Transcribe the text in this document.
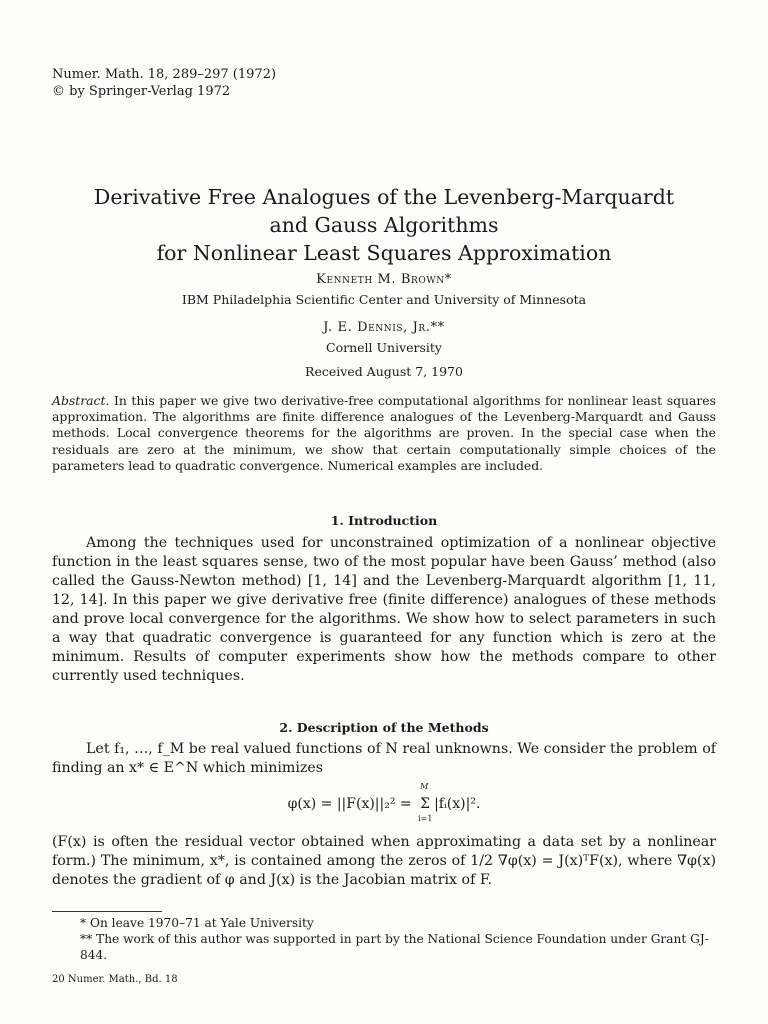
Numer. Math. 18, 289–297 (1972)
© by Springer-Verlag 1972
Derivative Free Analogues of the Levenberg-Marquardt
and Gauss Algorithms
for Nonlinear Least Squares Approximation
Kenneth M. Brown*
IBM Philadelphia Scientific Center and University of Minnesota
J. E. Dennis, Jr.**
Cornell University
Received August 7, 1970
Abstract. In this paper we give two derivative-free computational algorithms for nonlinear least squares approximation. The algorithms are finite difference analogues of the Levenberg-Marquardt and Gauss methods. Local convergence theorems for the algorithms are proven. In the special case when the residuals are zero at the minimum, we show that certain computationally simple choices of the parameters lead to quadratic convergence. Numerical examples are included.
1. Introduction

Among the techniques used for unconstrained optimization of a nonlinear objective function in the least squares sense, two of the most popular have been Gauss’ method (also called the Gauss-Newton method) [1, 14] and the Levenberg-Marquardt algorithm [1, 11, 12, 14]. In this paper we give derivative free (finite difference) analogues of these methods and prove local convergence for the algorithms. We show how to select parameters in such a way that quadratic convergence is guaranteed for any function which is zero at the minimum. Results of computer experiments show how the methods compare to other currently used techniques.

2. Description of the Methods

Let f₁, …, f_M be real valued functions of N real unknowns. We consider the problem of finding an x* ∈ E^N which minimizes

φ(x) = ||F(x)||₂² =
M
Σ
i=1
|fᵢ(x)|².
(F(x) is often the residual vector obtained when approximating a data set by a nonlinear form.) The minimum, x*, is contained among the zeros of 1/2 ∇φ(x) = J(x)ᵀF(x), where ∇φ(x) denotes the gradient of φ and J(x) is the Jacobian matrix of F.
* On leave 1970–71 at Yale University
** The work of this author was supported in part by the National Science Foundation under Grant GJ-844.
20 Numer. Math., Bd. 18
